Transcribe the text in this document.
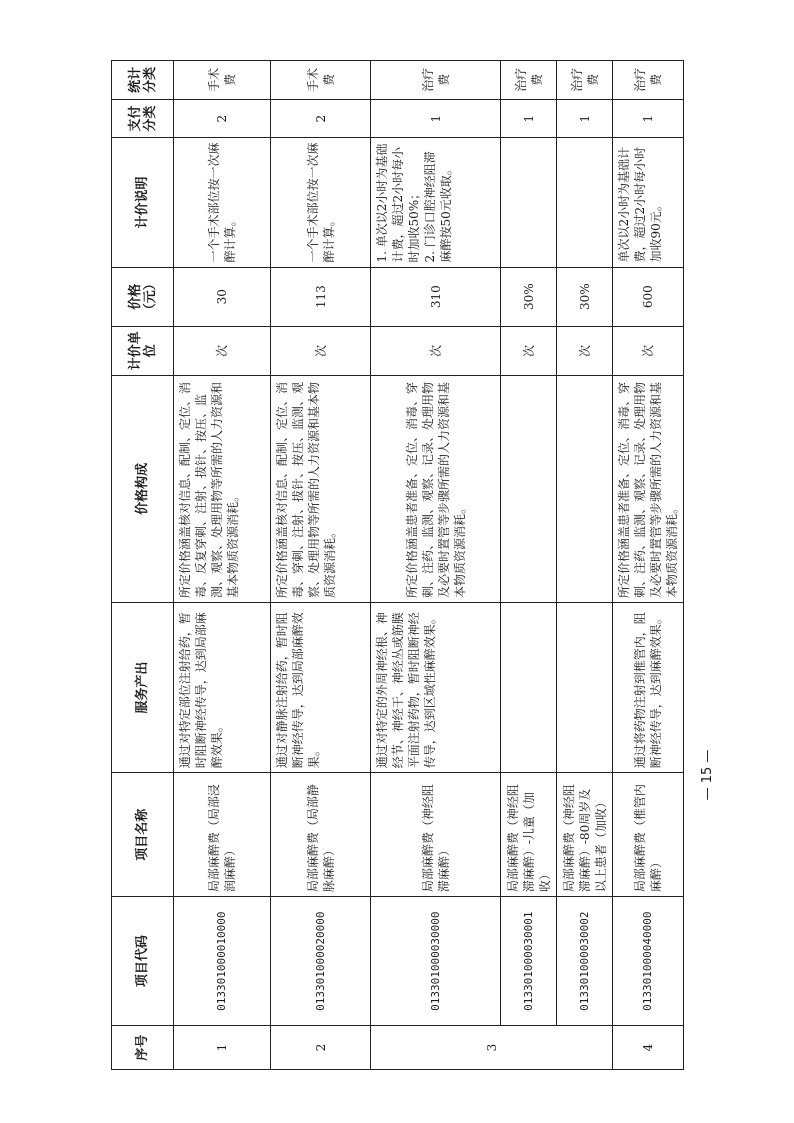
序号	项目代码	项目名称	服务产出	价格构成	计价单位	价格（元）	计价说明	支付分类	统计分类
1	013301000010000	局部麻醉费（局部浸润麻醉）	通过对特定部位注射给药，暂时阻断神经传导，达到局部麻醉效果。	所定价格涵盖核对信息、配制、定位、消毒、反复穿刺、注射、拔针、按压、监测、观察、处理用物等所需的人力资源和基本物质资源消耗。	次	30	一个手术部位按一次麻醉计算。	2	手术费
2	013301000020000	局部麻醉费（局部静脉麻醉）	通过对静脉注射给药，暂时阻断神经传导，达到局部麻醉效果。	所定价格涵盖核对信息、配制、定位、消毒、穿刺、注射、拔针、按压、监测、观察、处理用物等所需的人力资源和基本物质资源消耗。	次	113	一个手术部位按一次麻醉计算。	2	手术费
3	013301000030000	局部麻醉费（神经阻滞麻醉）	通过对特定的外周神经根、神经节、神经干、神经丛或筋膜平面注射药物，暂时阻断神经传导，达到区域性麻醉效果。	所定价格涵盖患者准备、定位、消毒、穿刺、注药、监测、观察、记录、处理用物及必要时置管等步骤所需的人力资源和基本物质资源消耗。	次	310	1. 单次以2小时为基础计费，超过2小时每小时加收50%；
2. 门诊口腔神经阻滞麻醉按50元收取。	1	治疗费
	013301000030001	局部麻醉费（神经阻滞麻醉）-儿童（加收）			次	30%		1	治疗费
	013301000030002	局部麻醉费（神经阻滞麻醉）-80周岁及以上患者（加收）			次	30%		1	治疗费
4	013301000040000	局部麻醉费（椎管内麻醉）	通过将药物注射到椎管内，阻断神经传导，达到麻醉效果。	所定价格涵盖患者准备、定位、消毒、穿刺、注药、监测、观察、记录、处理用物及必要时置管等步骤所需的人力资源和基本物质资源消耗。	次	600	单次以2小时为基础计费，超过2小时每小时加收90元。	1	治疗费
— 15 —
